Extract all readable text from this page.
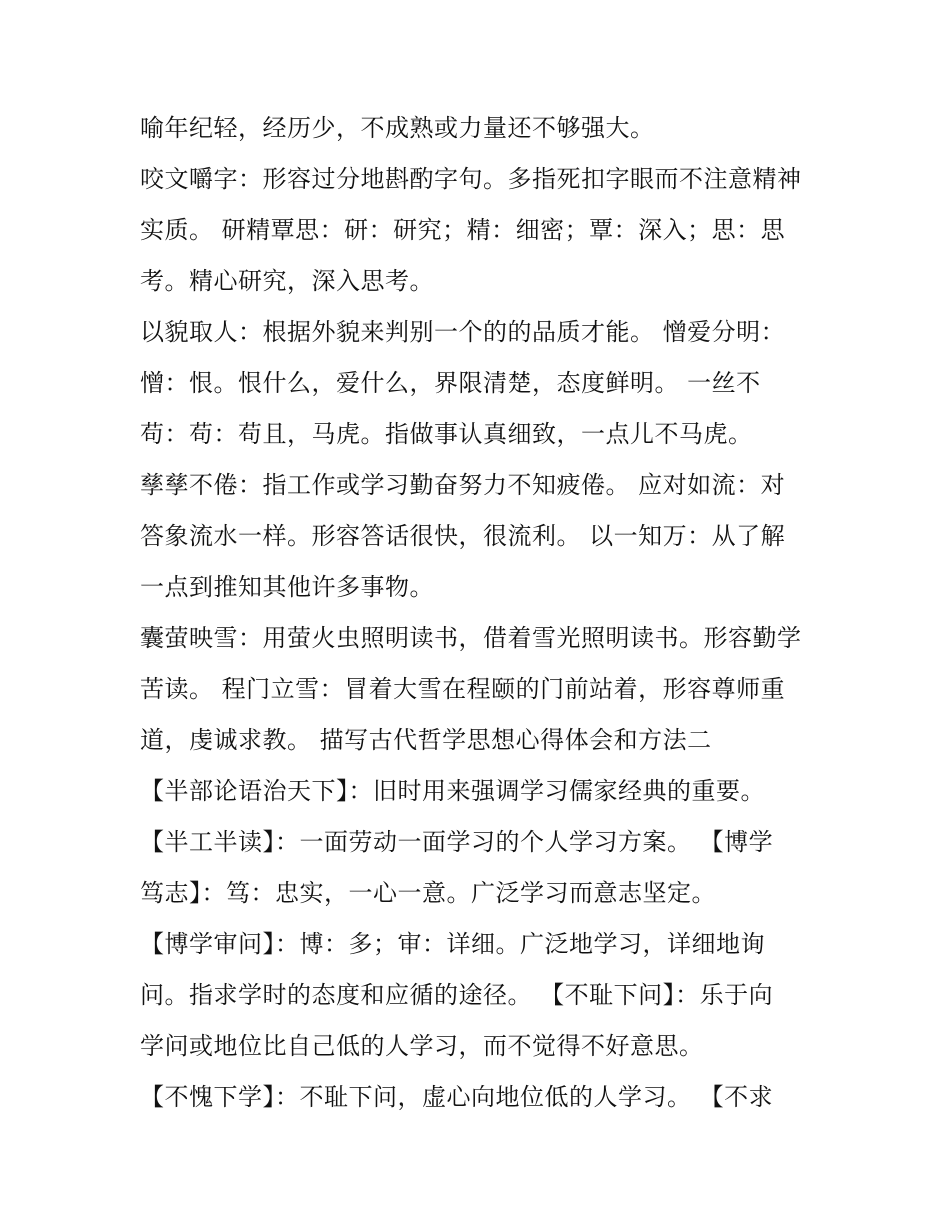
喻年纪轻，经历少，不成熟或力量还不够强大。
咬文嚼字：形容过分地斟酌字句。多指死扣字眼而不注意精神
实质。 研精覃思：研：研究；精：细密；覃：深入；思：思
考。精心研究，深入思考。
以貌取人：根据外貌来判别一个的的品质才能。 憎爱分明：
憎：恨。恨什么，爱什么，界限清楚，态度鲜明。 一丝不
苟：苟：苟且，马虎。指做事认真细致，一点儿不马虎。
孳孳不倦：指工作或学习勤奋努力不知疲倦。 应对如流：对
答象流水一样。形容答话很快，很流利。 以一知万：从了解
一点到推知其他许多事物。
囊萤映雪：用萤火虫照明读书，借着雪光照明读书。形容勤学
苦读。 程门立雪：冒着大雪在程颐的门前站着，形容尊师重
道，虔诚求教。 描写古代哲学思想心得体会和方法二
【半部论语治天下】：旧时用来强调学习儒家经典的重要。
【半工半读】：一面劳动一面学习的个人学习方案。 【博学
笃志】：笃：忠实，一心一意。广泛学习而意志坚定。
【博学审问】：博：多；审：详细。广泛地学习，详细地询
问。指求学时的态度和应循的途径。 【不耻下问】：乐于向
学问或地位比自己低的人学习，而不觉得不好意思。
【不愧下学】：不耻下问，虚心向地位低的人学习。 【不求
